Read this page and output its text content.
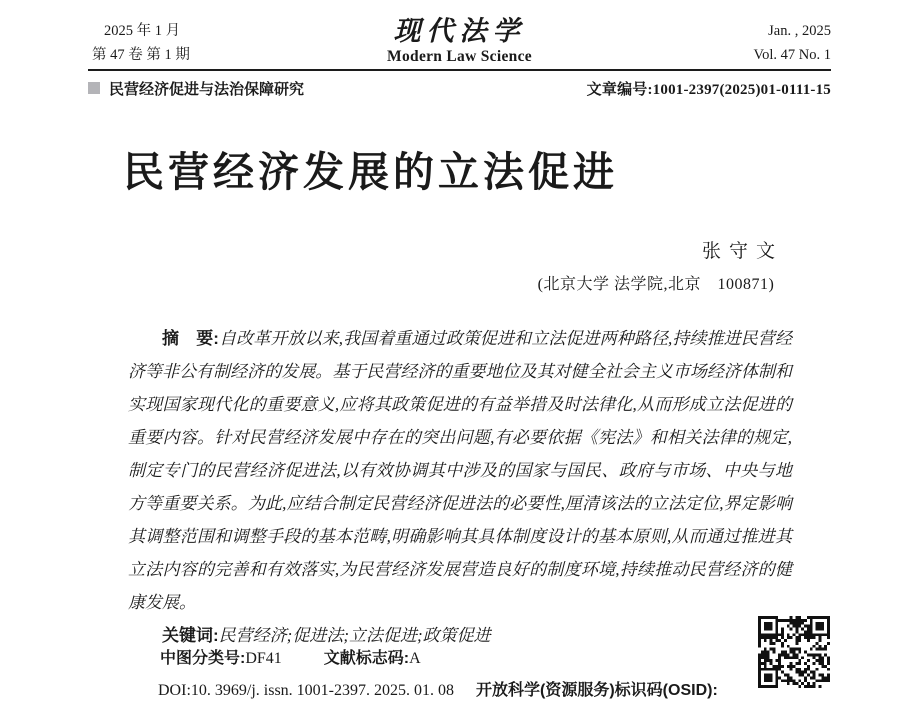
2025 年 1 月
第 47 卷 第 1 期
现代法学
Modern Law Science
Jan. , 2025
Vol. 47 No. 1
民营经济促进与法治保障研究	文章编号:1001-2397(2025)01-0111-15
民营经济发展的立法促进
张守文
(北京大学 法学院,北京　100871)

摘　要:自改革开放以来,我国着重通过政策促进和立法促进两种路径,持续推进民营经济等非公有制经济的发展。基于民营经济的重要地位及其对健全社会主义市场经济体制和实现国家现代化的重要意义,应将其政策促进的有益举措及时法律化,从而形成立法促进的重要内容。针对民营经济发展中存在的突出问题,有必要依据《宪法》和相关法律的规定,制定专门的民营经济促进法,以有效协调其中涉及的国家与国民、政府与市场、中央与地方等重要关系。为此,应结合制定民营经济促进法的必要性,厘清该法的立法定位,界定影响其调整范围和调整手段的基本范畴,明确影响其具体制度设计的基本原则,从而通过推进其立法内容的完善和有效落实,为民营经济发展营造良好的制度环境,持续推动民营经济的健康发展。

关键词:民营经济;促进法;立法促进;政策促进

中图分类号:DF41	文献标志码:A
DOI:10. 3969/j. issn. 1001-2397. 2025. 01. 08 开放科学(资源服务)标识码(OSID):
